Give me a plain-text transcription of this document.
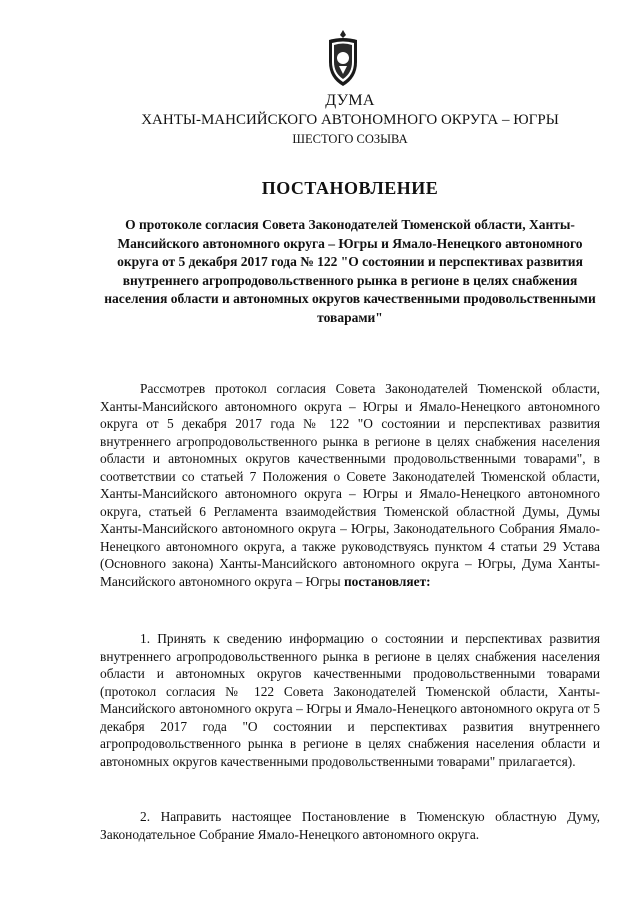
ДУМА
ХАНТЫ-МАНСИЙСКОГО АВТОНОМНОГО ОКРУГА – ЮГРЫ
ШЕСТОГО СОЗЫВА
ПОСТАНОВЛЕНИЕ
О протоколе согласия Совета Законодателей Тюменской области, Ханты-Мансийского автономного округа – Югры и Ямало-Ненецкого автономного округа от 5 декабря 2017 года № 122 "О состоянии и перспективах развития внутреннего агропродовольственного рынка в регионе в целях снабжения населения области и автономных округов качественными продовольственными товарами"
Рассмотрев протокол согласия Совета Законодателей Тюменской области, Ханты-Мансийского автономного округа – Югры и Ямало-Ненецкого автономного округа от 5 декабря 2017 года № 122 "О состоянии и перспективах развития внутреннего агропродовольственного рынка в регионе в целях снабжения населения области и автономных округов качественными продовольственными товарами", в соответствии со статьей 7 Положения о Совете Законодателей Тюменской области, Ханты-Мансийского автономного округа – Югры и Ямало-Ненецкого автономного округа, статьей 6 Регламента взаимодействия Тюменской областной Думы, Думы Ханты-Мансийского автономного округа – Югры, Законодательного Собрания Ямало-Ненецкого автономного округа, а также руководствуясь пунктом 4 статьи 29 Устава (Основного закона) Ханты-Мансийского автономного округа – Югры, Дума Ханты-Мансийского автономного округа – Югры постановляет:
1. Принять к сведению информацию о состоянии и перспективах развития внутреннего агропродовольственного рынка в регионе в целях снабжения населения области и автономных округов качественными продовольственными товарами (протокол согласия № 122 Совета Законодателей Тюменской области, Ханты-Мансийского автономного округа – Югры и Ямало-Ненецкого автономного округа от 5 декабря 2017 года "О состоянии и перспективах развития внутреннего агропродовольственного рынка в регионе в целях снабжения населения области и автономных округов качественными продовольственными товарами" прилагается).
2. Направить настоящее Постановление в Тюменскую областную Думу, Законодательное Собрание Ямало-Ненецкого автономного округа.
